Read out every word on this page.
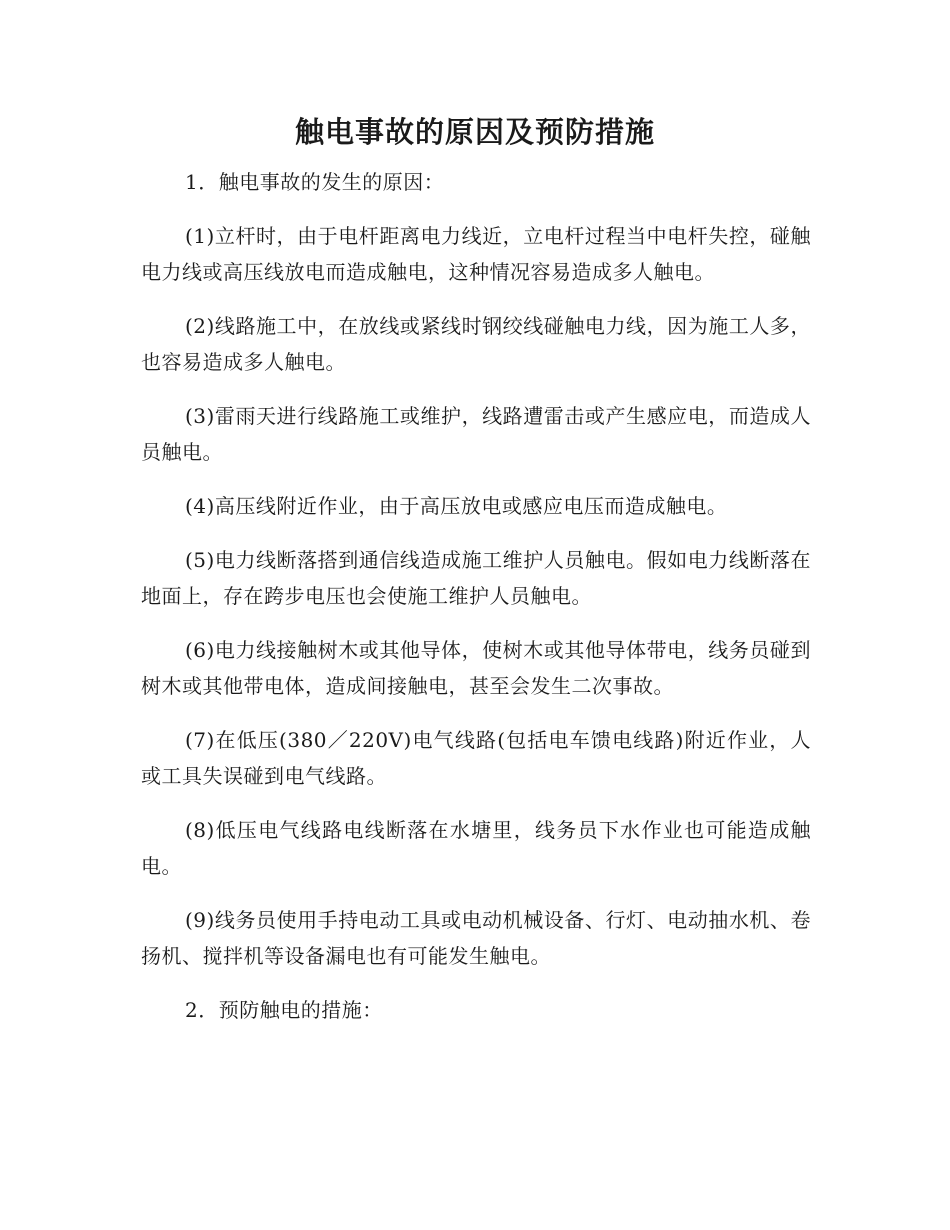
触电事故的原因及预防措施

1．触电事故的发生的原因：

(1)立杆时，由于电杆距离电力线近，立电杆过程当中电杆失控，碰触电力线或高压线放电而造成触电，这种情况容易造成多人触电。

(2)线路施工中，在放线或紧线时钢绞线碰触电力线，因为施工人多，也容易造成多人触电。

(3)雷雨天进行线路施工或维护，线路遭雷击或产生感应电，而造成人员触电。

(4)高压线附近作业，由于高压放电或感应电压而造成触电。

(5)电力线断落搭到通信线造成施工维护人员触电。假如电力线断落在地面上，存在跨步电压也会使施工维护人员触电。

(6)电力线接触树木或其他导体，使树木或其他导体带电，线务员碰到树木或其他带电体，造成间接触电，甚至会发生二次事故。

(7)在低压(380／220V)电气线路(包括电车馈电线路)附近作业，人或工具失误碰到电气线路。

(8)低压电气线路电线断落在水塘里，线务员下水作业也可能造成触电。

(9)线务员使用手持电动工具或电动机械设备、行灯、电动抽水机、卷扬机、搅拌机等设备漏电也有可能发生触电。

2．预防触电的措施：
